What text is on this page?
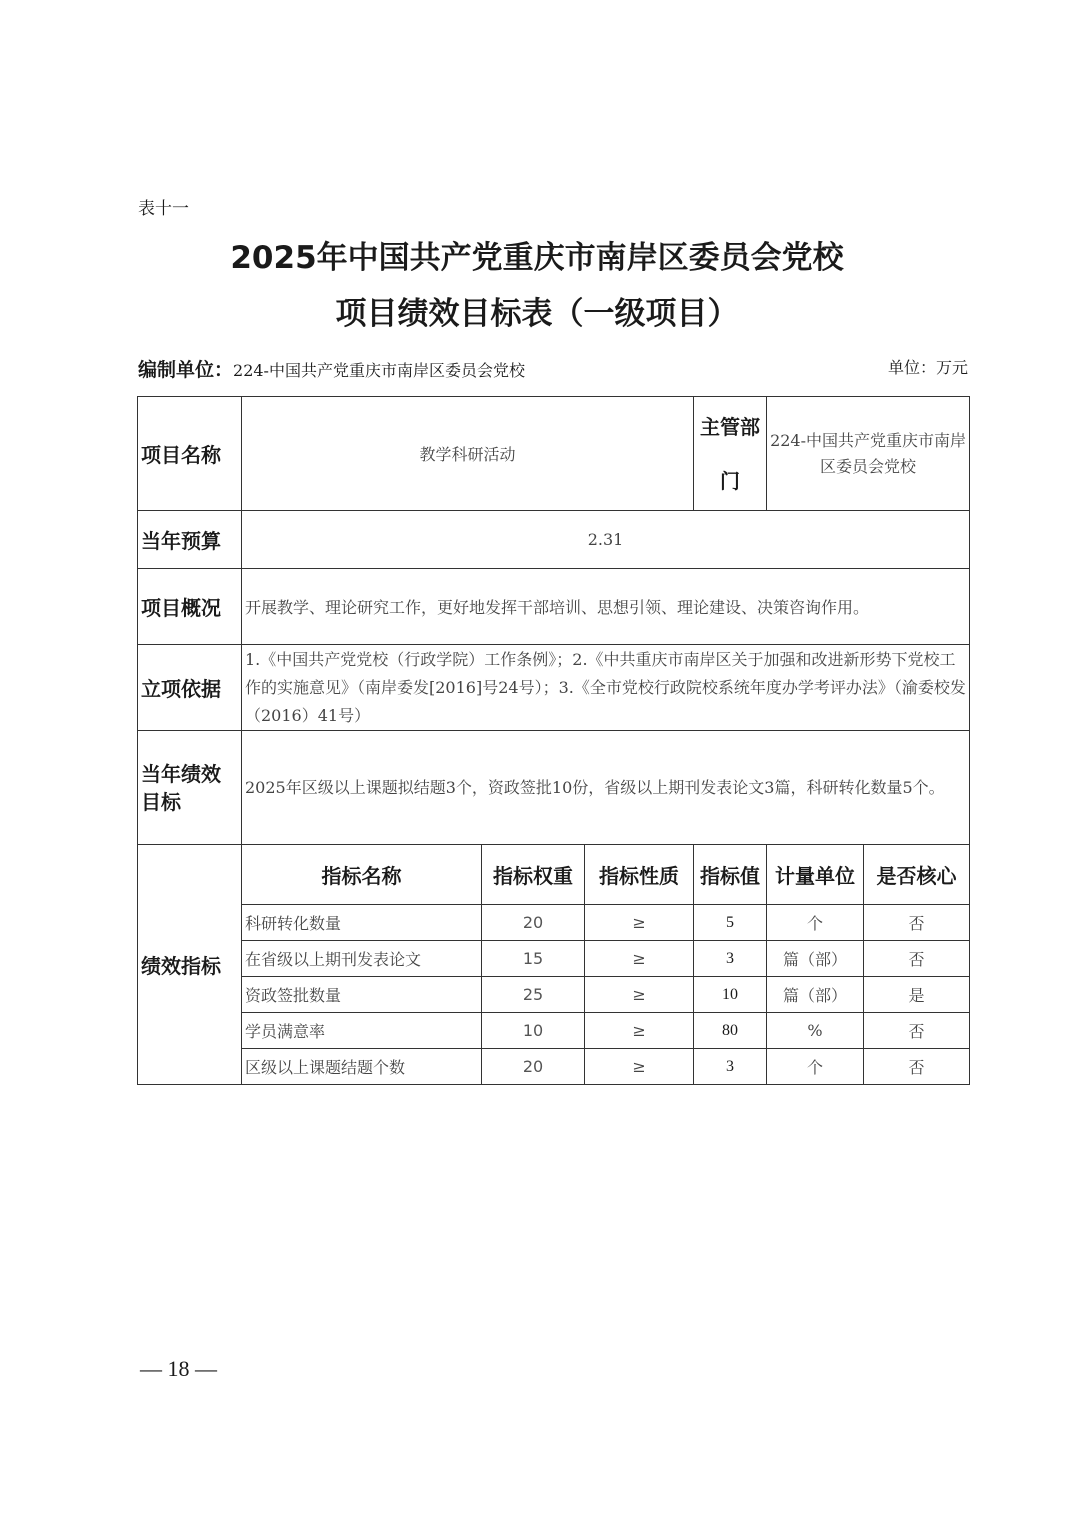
表十一
2025年中国共产党重庆市南岸区委员会党校
项目绩效目标表（一级项目）
编制单位：224-中国共产党重庆市南岸区委员会党校	单位：万元
项目名称	教学科研活动			主管部门	224-中国共产党重庆市南岸区委员会党校	
当年预算	2.31					
项目概况	开展教学、理论研究工作，更好地发挥干部培训、思想引领、理论建设、决策咨询作用。					
立项依据	1.《中国共产党党校（行政学院）工作条例》；2.《中共重庆市南岸区关于加强和改进新形势下党校工作的实施意见》（南岸委发[2016]号24号）；3.《全市党校行政院校系统年度办学考评办法》（渝委校发（2016）41号）					
当年绩效目标	2025年区级以上课题拟结题3个，资政签批10份，省级以上期刊发表论文3篇，科研转化数量5个。					
绩效指标	指标名称	指标权重	指标性质	指标值	计量单位	是否核心
	科研转化数量	20	≥	5	个	否
	在省级以上期刊发表论文	15	≥	3	篇（部）	否
	资政签批数量	25	≥	10	篇（部）	是
	学员满意率	10	≥	80	%	否
	区级以上课题结题个数	20	≥	3	个	否
— 18 —
